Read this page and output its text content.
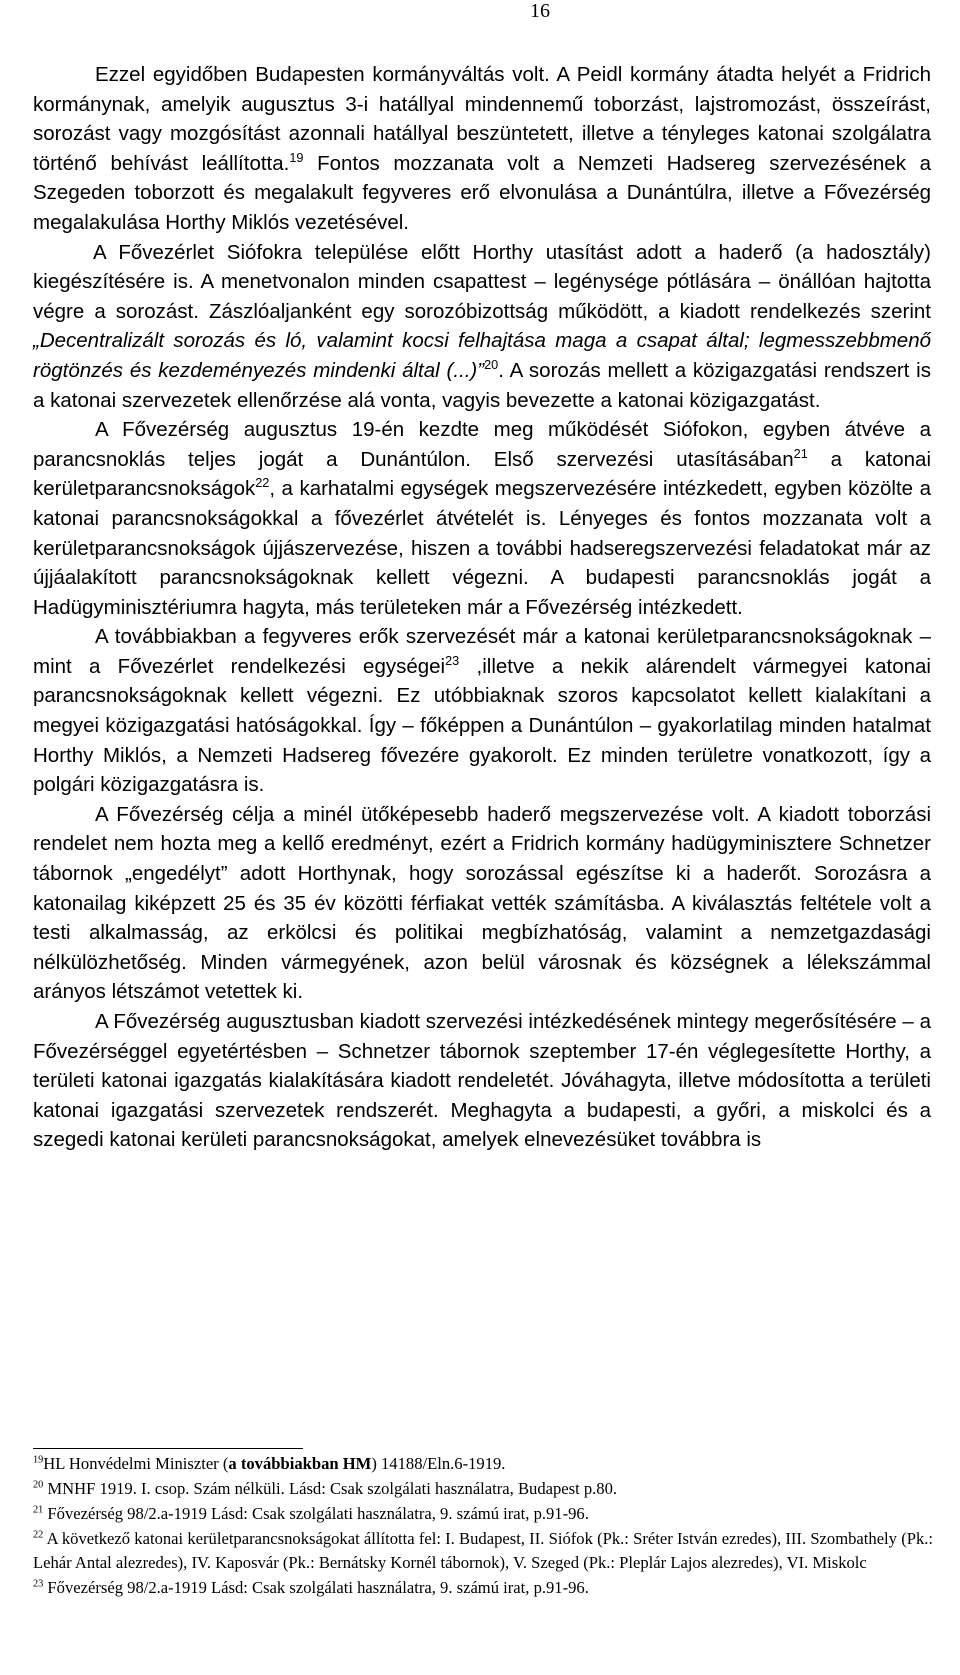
16

Ezzel egyidőben Budapesten kormányváltás volt. A Peidl kormány átadta helyét a Fridrich kormánynak, amelyik augusztus 3-i hatállyal mindennemű toborzást, lajstromozást, összeírást, sorozást vagy mozgósítást azonnali hatállyal beszüntetett, illetve a tényleges katonai szolgálatra történő behívást leállította.$^{19}$ Fontos mozzanata volt a Nemzeti Hadsereg szervezésének a Szegeden toborzott és megalakult fegyveres erő elvonulása a Dunántúlra, illetve a Fővezérség megalakulása Horthy Miklós vezetésével.

A Fővezérlet Siófokra települése előtt Horthy utasítást adott a haderő (a hadosztály) kiegészítésére is. A menetvonalon minden csapattest – legénysége pótlására – önállóan hajtotta végre a sorozást. Zászlóaljanként egy sorozóbizottság működött, a kiadott rendelkezés szerint „Decentralizált sorozás és ló, valamint kocsi felhajtása maga a csapat által; legmesszebbmenő rögtönzés és kezdeményezés mindenki által (...)”$^{20}$. A sorozás mellett a közigazgatási rendszert is a katonai szervezetek ellenőrzése alá vonta, vagyis bevezette a katonai közigazgatást.

A Fővezérség augusztus 19-én kezdte meg működését Siófokon, egyben átvéve a parancsnoklás teljes jogát a Dunántúlon. Első szervezési utasításában$^{21}$ a katonai kerületparancsnokságok$^{22}$, a karhatalmi egységek megszervezésére intézkedett, egyben közölte a katonai parancsnokságokkal a fővezérlet átvételét is. Lényeges és fontos mozzanata volt a kerületparancsnokságok újjászervezése, hiszen a további hadseregszervezési feladatokat már az újjáalakított parancsnokságoknak kellett végezni. A budapesti parancsnoklás jogát a Hadügyminisztériumra hagyta, más területeken már a Fővezérség intézkedett.

A továbbiakban a fegyveres erők szervezését már a katonai kerületparancsnokságoknak – mint a Fővezérlet rendelkezési egységei$^{23}$ ,illetve a nekik alárendelt vármegyei katonai parancsnokságoknak kellett végezni. Ez utóbbiaknak szoros kapcsolatot kellett kialakítani a megyei közigazgatási hatóságokkal. Így – főképpen a Dunántúlon – gyakorlatilag minden hatalmat Horthy Miklós, a Nemzeti Hadsereg fővezére gyakorolt. Ez minden területre vonatkozott, így a polgári közigazgatásra is.

A Fővezérség célja a minél ütőképesebb haderő megszervezése volt. A kiadott toborzási rendelet nem hozta meg a kellő eredményt, ezért a Fridrich kormány hadügyminisztere Schnetzer tábornok „engedélyt” adott Horthynak, hogy sorozással egészítse ki a haderőt. Sorozásra a katonailag kiképzett 25 és 35 év közötti férfiakat vették számításba. A kiválasztás feltétele volt a testi alkalmasság, az erkölcsi és politikai megbízhatóság, valamint a nemzetgazdasági nélkülözhetőség. Minden vármegyének, azon belül városnak és községnek a lélekszámmal arányos létszámot vetettek ki.

A Fővezérség augusztusban kiadott szervezési intézkedésének mintegy megerősítésére – a Fővezérséggel egyetértésben – Schnetzer tábornok szeptember 17-én véglegesítette Horthy, a területi katonai igazgatás kialakítására kiadott rendeletét. Jóváhagyta, illetve módosította a területi katonai igazgatási szervezetek rendszerét. Meghagyta a budapesti, a győri, a miskolci és a szegedi katonai kerületi parancsnokságokat, amelyek elnevezésüket továbbra is

$^{19}$HL Honvédelmi Miniszter (a továbbiakban HM) 14188/Eln.6-1919.

$^{20}$ MNHF 1919. I. csop. Szám nélküli. Lásd: Csak szolgálati használatra, Budapest p.80.

$^{21}$ Fővezérség 98/2.a-1919 Lásd: Csak szolgálati használatra, 9. számú irat, p.91-96.

$^{22}$ A következő katonai kerületparancsnokságokat állította fel: I. Budapest, II. Siófok (Pk.: Sréter István ezredes), III. Szombathely (Pk.: Lehár Antal alezredes), IV. Kaposvár (Pk.: Bernátsky Kornél tábornok), V. Szeged (Pk.: Pleplár Lajos alezredes), VI. Miskolc

$^{23}$ Fővezérség 98/2.a-1919 Lásd: Csak szolgálati használatra, 9. számú irat, p.91-96.
